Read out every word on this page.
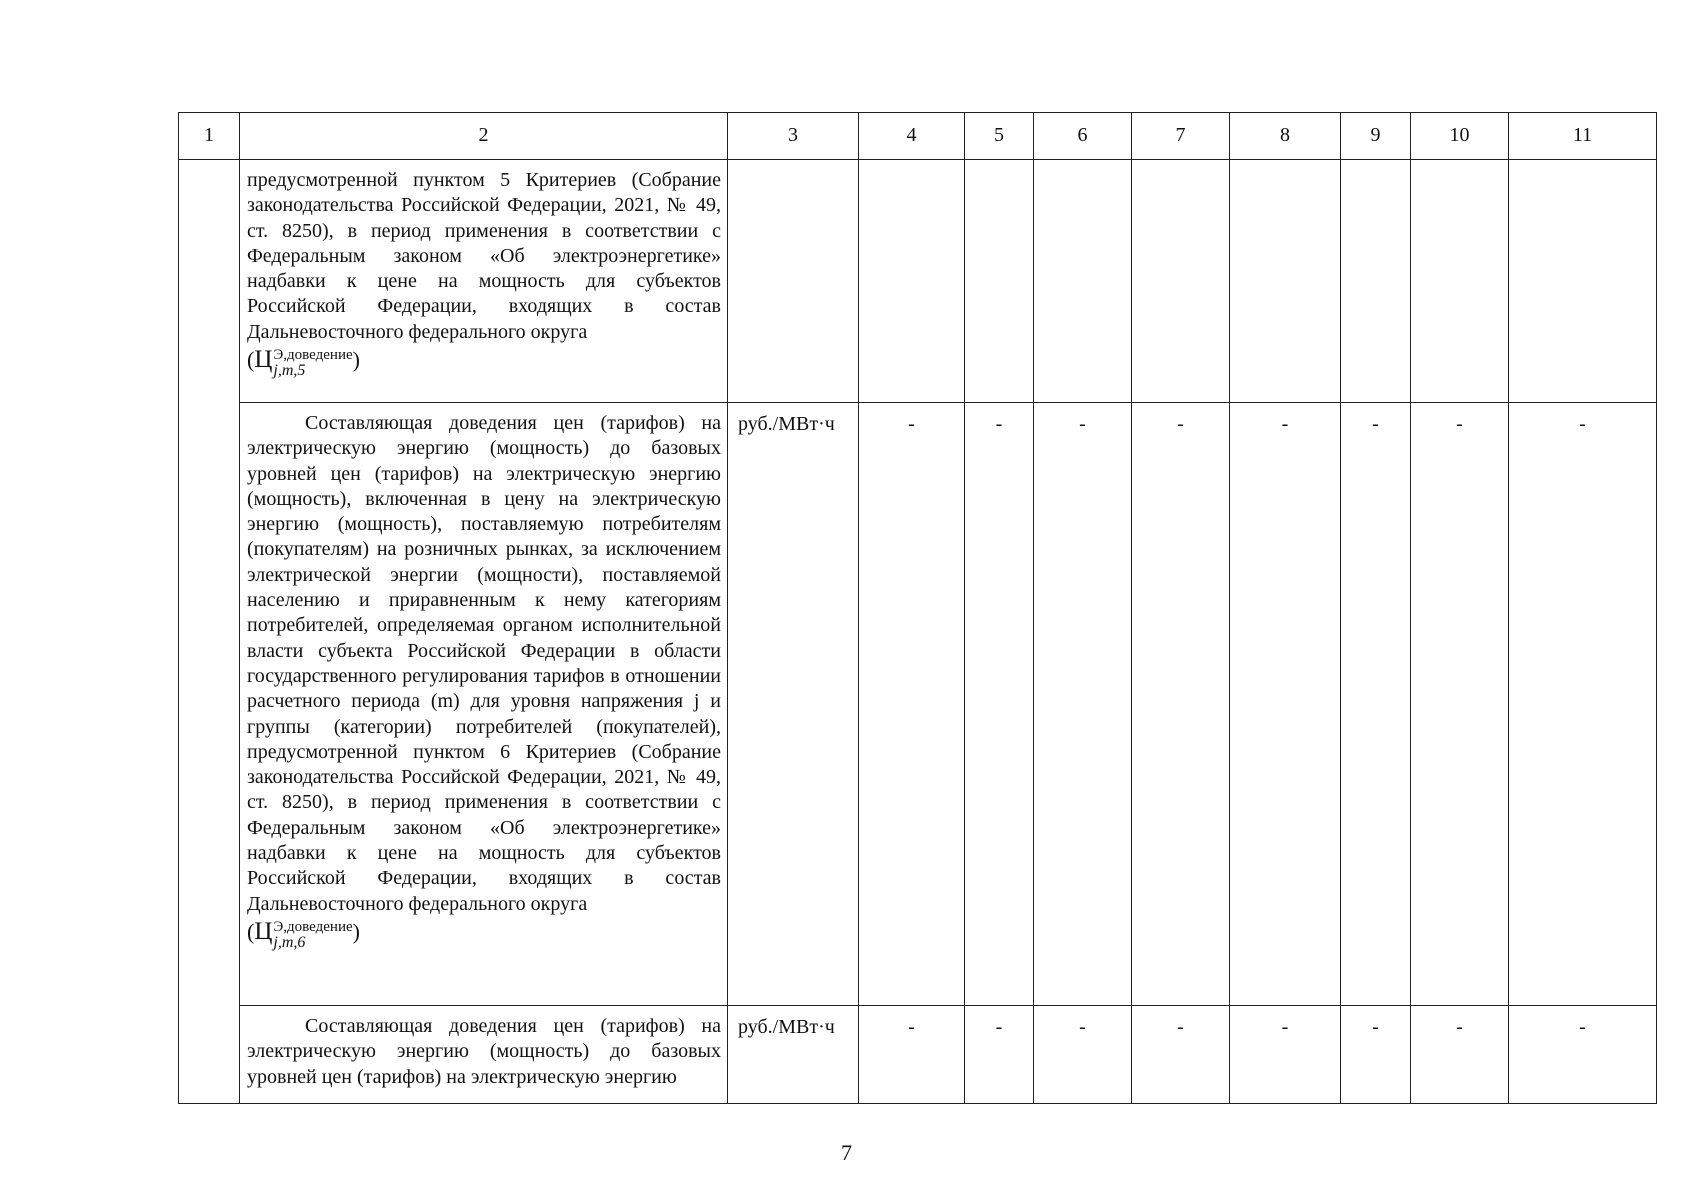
1	2	3	4	5	6	7	8	9	10	11

	предусмотренной пунктом 5 Критериев (Собрание законодательства Российской Федерации, 2021, № 49, ст. 8250), в период применения в соответствии с Федеральным законом «Об электроэнергетике» надбавки к цене на мощность для субъектов Российской Федерации, входящих в состав Дальневосточного федерального округа

(Ц Э,доведение
j,m,5 )									

	Составляющая доведения цен (тарифов) на электрическую энергию (мощность) до базовых уровней цен (тарифов) на электрическую энергию (мощность), включенная в цену на электрическую энергию (мощность), поставляемую потребителям (покупателям) на розничных рынках, за исключением электрической энергии (мощности), поставляемой населению и приравненным к нему категориям потребителей, определяемая органом исполнительной власти субъекта Российской Федерации в области государственного регулирования тарифов в отношении расчетного периода (m) для уровня напряжения j и группы (категории) потребителей (покупателей), предусмотренной пунктом 6 Критериев (Собрание законодательства Российской Федерации, 2021, № 49, ст. 8250), в период применения в соответствии с Федеральным законом «Об электроэнергетике» надбавки к цене на мощность для субъектов Российской Федерации, входящих в состав Дальневосточного федерального округа

(Ц Э,доведение
j,m,6 )	руб./МВт·ч	-	-	-	-	-	-	-	-

	Составляющая доведения цен (тарифов) на электрическую энергию (мощность) до базовых уровней цен (тарифов) на электрическую энергию	руб./МВт·ч	-	-	-	-	-	-	-	-
7
